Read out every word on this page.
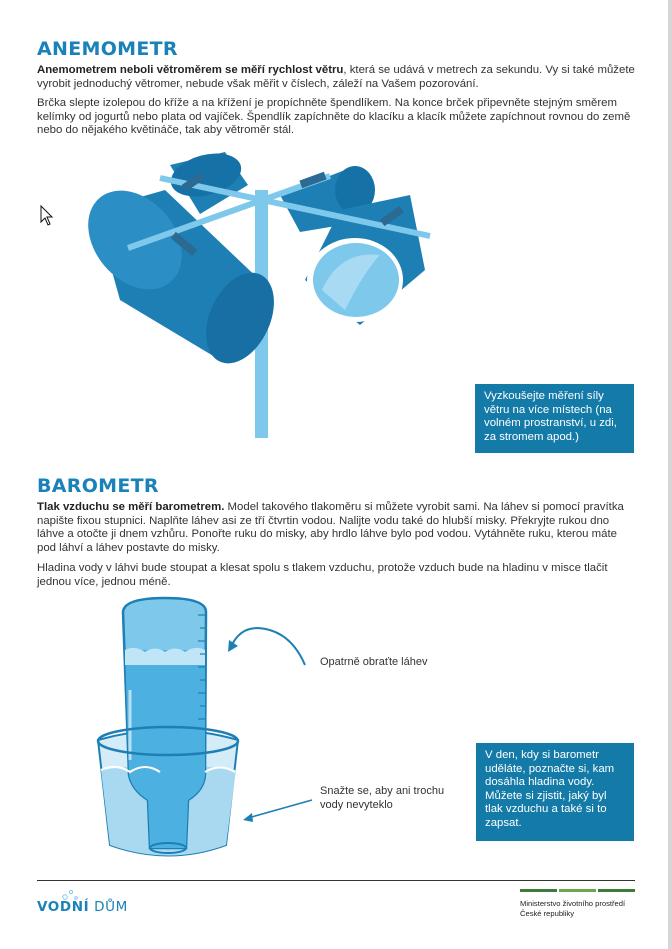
ANEMOMETR

Anemometrem neboli větroměrem se měří rychlost větru, která se udává v metrech za sekundu. Vy si také můžete vyrobit jednoduchý větromer, nebude však měřit v číslech, záleží na Vašem pozorování.

Brčka slepte izolepou do kříže a na křížení je propíchněte špendlíkem. Na konce brček připevněte stejným směrem kelímky od jogurtů nebo plata od vajíček. Špendlík zapíchněte do klacíku a klacík můžete zapíchnout rovnou do země nebo do nějakého květináče, tak aby větroměr stál.

Vyzkoušejte měření síly větru na více místech (na volném prostranství, u zdi, za stromem apod.)
BAROMETR

Tlak vzduchu se měří barometrem. Model takového tlakoměru si můžete vyrobit sami. Na láhev si pomocí pravítka napište fixou stupnici. Naplňte láhev asi ze tří čtvrtin vodou. Nalijte vodu také do hlubší misky. Překryjte rukou dno láhve a otočte ji dnem vzhůru. Ponořte ruku do misky, aby hrdlo láhve bylo pod vodou. Vytáhněte ruku, kterou máte pod láhví a láhev postavte do misky.

Hladina vody v láhvi bude stoupat a klesat spolu s tlakem vzduchu, protože vzduch bude na hladinu v misce tlačit jednou více, jednou méně.

Opatrně obraťte láhev
Snažte se, aby ani trochu vody nevyteklo
V den, kdy si barometr uděláte, poznačte si, kam dosáhla hladina vody. Můžete si zjistit, jaký byl tlak vzduchu a také si to zapsat.
VODNÍ DŮM	Ministerstvo životního prostředí
České republiky
